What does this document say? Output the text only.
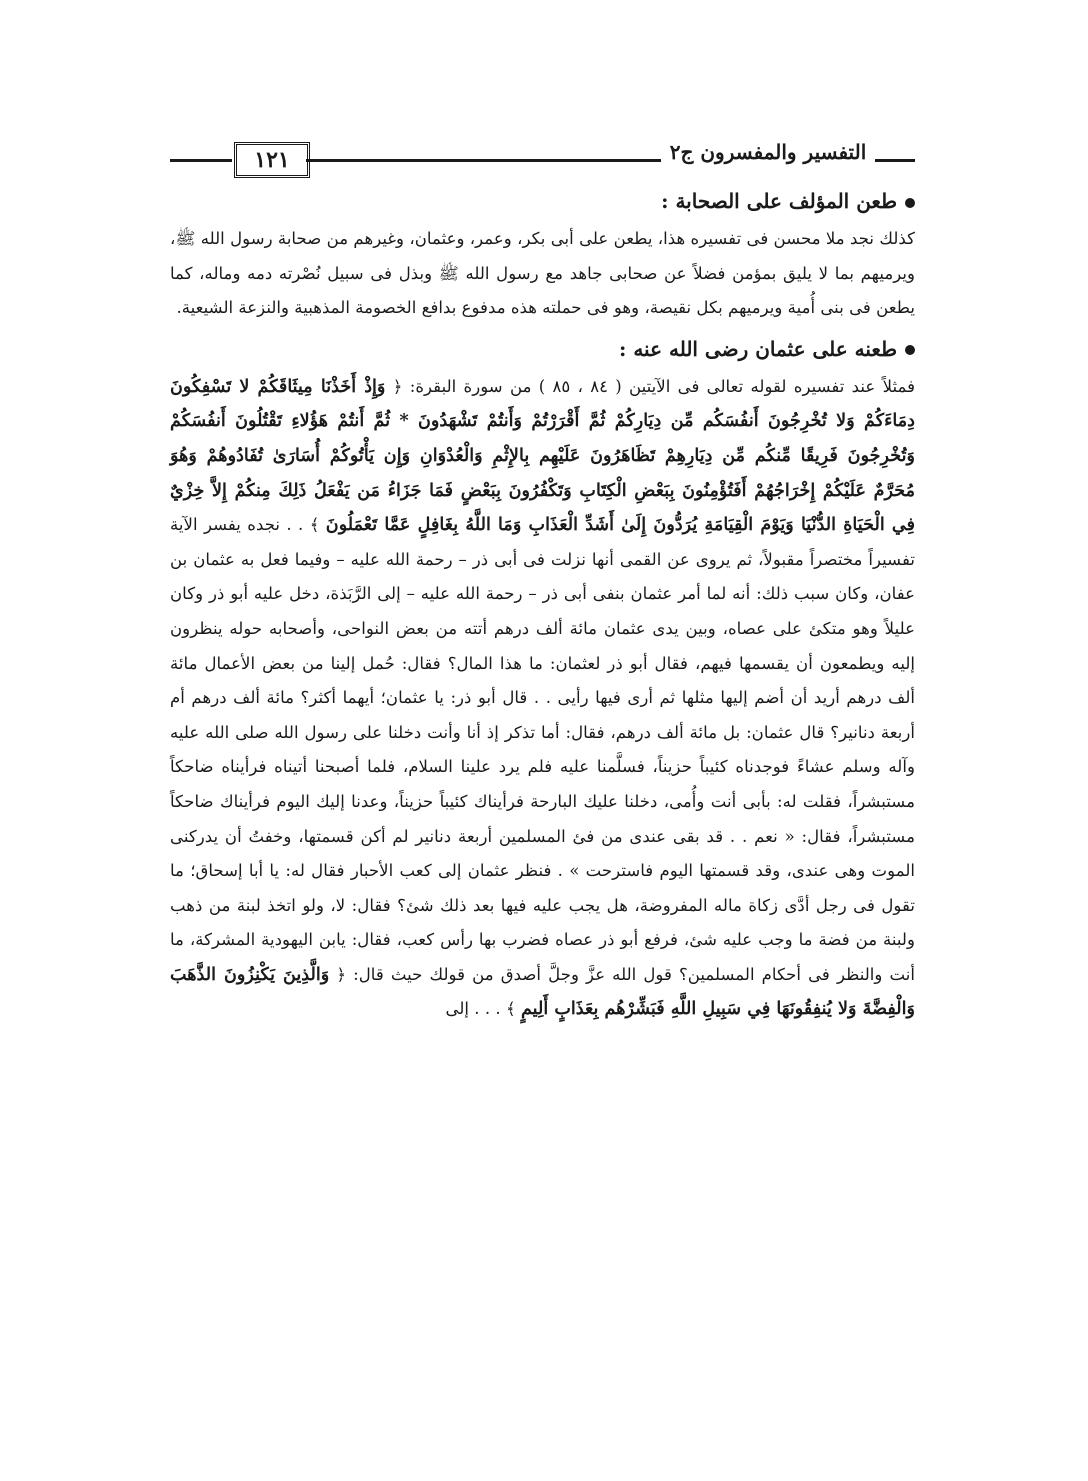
١٢١	التفسير والمفسرون ج٢
طعن المؤلف على الصحابة :

كذلك نجد ملا محسن فى تفسيره هذا، يطعن على أبى بكر، وعمر، وعثمان، وغيرهم من صحابة رسول الله ﷺ، ويرميهم بما لا يليق بمؤمن فضلاً عن صحابى جاهد مع رسول الله ﷺ وبذل فى سبيل نُصْرته دمه وماله، كما يطعن فى بنى أُمية ويرميهم بكل نقيصة، وهو فى حملته هذه مدفوع بدافع الخصومة المذهبية والنزعة الشيعية.

طعنه على عثمان رضى الله عنه :

فمثلاً عند تفسيره لقوله تعالى فى الآيتين ( ٨٤ ، ٨٥ ) من سورة البقرة: ﴿ وَإِذْ أَخَذْنَا مِيثَاقَكُمْ لا تَسْفِكُونَ دِمَاءَكُمْ وَلا تُخْرِجُونَ أَنفُسَكُم مِّن دِيَارِكُمْ ثُمَّ أَقْرَرْتُمْ وَأَنتُمْ تَشْهَدُونَ * ثُمَّ أَنتُمْ هَؤُلاءِ تَقْتُلُونَ أَنفُسَكُمْ وَتُخْرِجُونَ فَرِيقًا مِّنكُم مِّن دِيَارِهِمْ تَظَاهَرُونَ عَلَيْهِم بِالإِثْمِ وَالْعُدْوَانِ وَإِن يَأْتُوكُمْ أُسَارَىٰ تُفَادُوهُمْ وَهُوَ مُحَرَّمٌ عَلَيْكُمْ إِخْرَاجُهُمْ أَفَتُؤْمِنُونَ بِبَعْضِ الْكِتَابِ وَتَكْفُرُونَ بِبَعْضٍ فَمَا جَزَاءُ مَن يَفْعَلُ ذَلِكَ مِنكُمْ إِلاَّ خِزْيٌ فِي الْحَيَاةِ الدُّنْيَا وَيَوْمَ الْقِيَامَةِ يُرَدُّونَ إِلَىٰ أَشَدِّ الْعَذَابِ وَمَا اللَّهُ بِغَافِلٍ عَمَّا تَعْمَلُونَ ﴾ . . نجده يفسر الآية تفسيراً مختصراً مقبولاً، ثم يروى عن القمى أنها نزلت فى أبى ذر – رحمة الله عليه – وفيما فعل به عثمان بن عفان، وكان سبب ذلك: أنه لما أمر عثمان بنفى أبى ذر – رحمة الله عليه – إلى الرَّبَذة، دخل عليه أبو ذر وكان عليلاً وهو متكئ على عصاه، وبين يدى عثمان مائة ألف درهم أتته من بعض النواحى، وأصحابه حوله ينظرون إليه ويطمعون أن يقسمها فيهم، فقال أبو ذر لعثمان: ما هذا المال؟ فقال: حُمل إلينا من بعض الأعمال مائة ألف درهم أريد أن أضم إليها مثلها ثم أرى فيها رأيى . . قال أبو ذر: يا عثمان؛ أيهما أكثر؟ مائة ألف درهم أم أربعة دنانير؟ قال عثمان: بل مائة ألف درهم، فقال: أما تذكر إذ أنا وأنت دخلنا على رسول الله صلى الله عليه وآله وسلم عشاءً فوجدناه كئيباً حزيناً، فسلَّمنا عليه فلم يرد علينا السلام، فلما أصبحنا أتيناه فرأيناه ضاحكاً مستبشراً، فقلت له: بأبى أنت وأُمى، دخلنا عليك البارحة فرأيناك كئيباً حزيناً، وعدنا إليك اليوم فرأيناك ضاحكاً مستبشراً، فقال: « نعم . . قد بقى عندى من فئ المسلمين أربعة دنانير لم أكن قسمتها، وخفتُ أن يدركنى الموت وهى عندى، وقد قسمتها اليوم فاسترحت » . فنظر عثمان إلى كعب الأحبار فقال له: يا أبا إسحاق؛ ما تقول فى رجل أدَّى زكاة ماله المفروضة، هل يجب عليه فيها بعد ذلك شئ؟ فقال: لا، ولو اتخذ لبنة من ذهب ولبنة من فضة ما وجب عليه شئ، فرفع أبو ذر عصاه فضرب بها رأس كعب، فقال: يابن اليهودية المشركة، ما أنت والنظر فى أحكام المسلمين؟ قول الله عزَّ وجلَّ أصدق من قولك حيث قال: ﴿ وَالَّذِينَ يَكْنِزُونَ الذَّهَبَ وَالْفِضَّةَ وَلا يُنفِقُونَهَا فِي سَبِيلِ اللَّهِ فَبَشِّرْهُم بِعَذَابٍ أَلِيمٍ ﴾ . . . إلى
